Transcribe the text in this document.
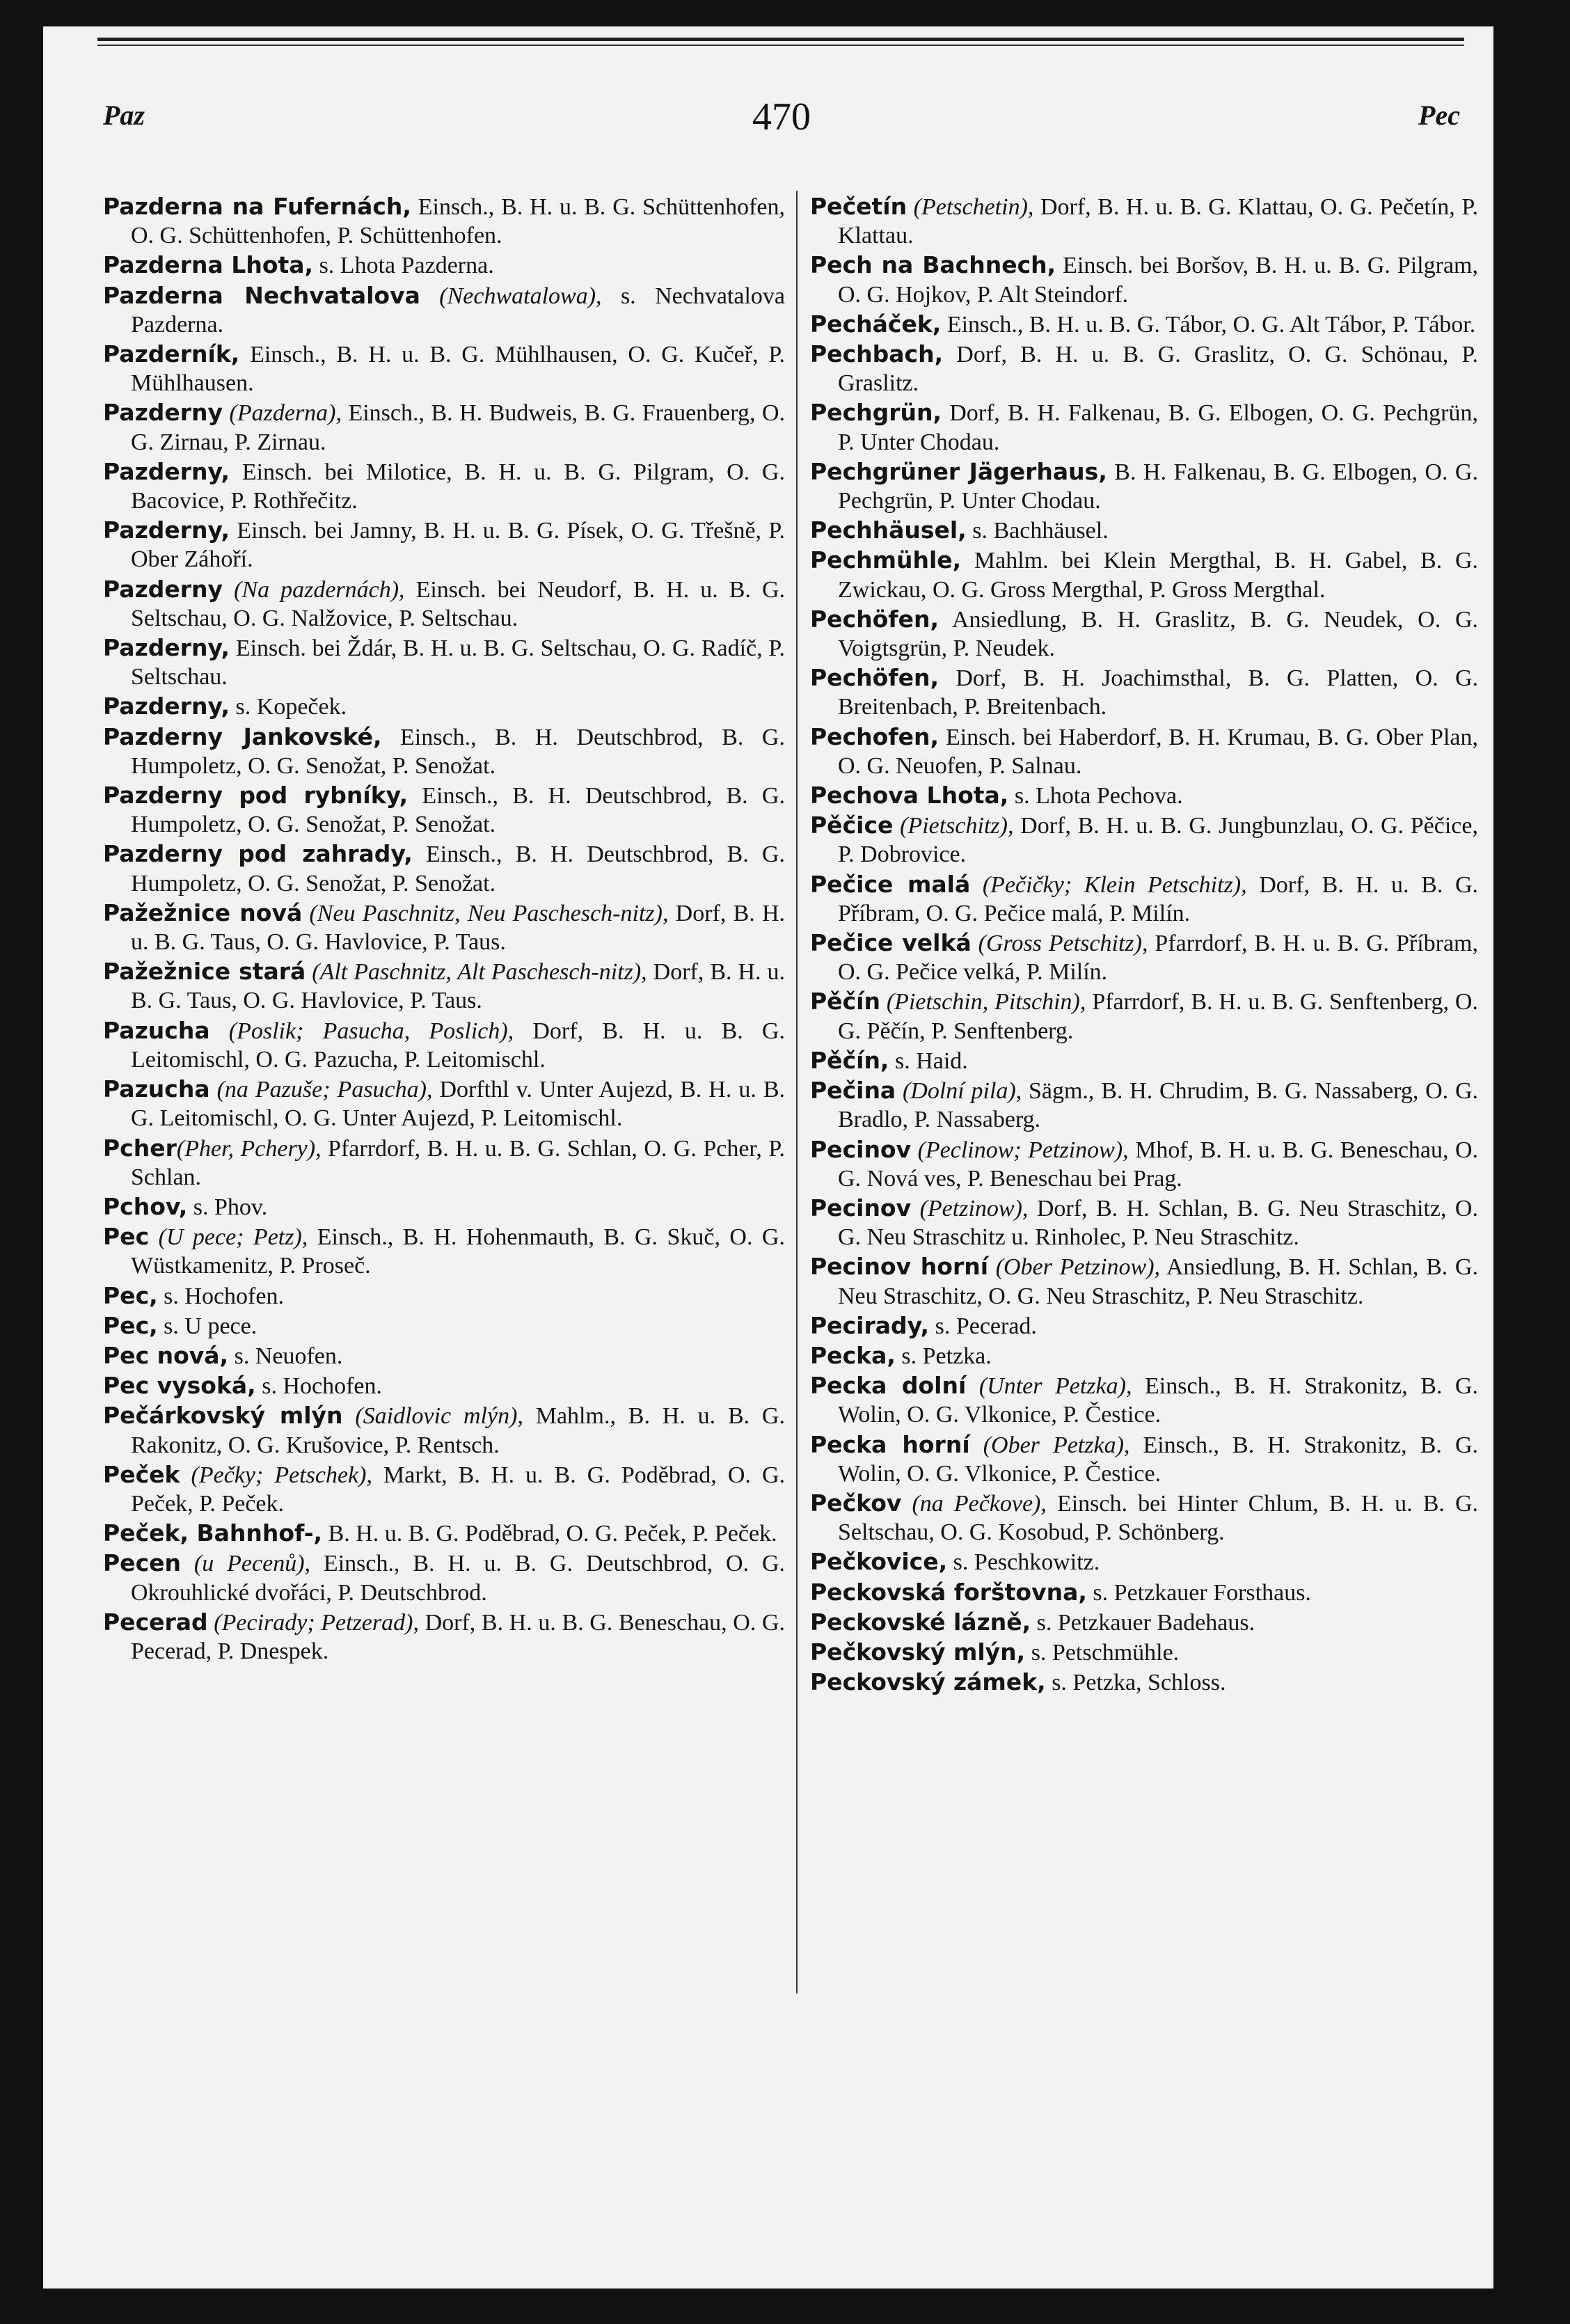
Paz	470	Pec

Pazderna na Fufernách, Einsch., B. H. u. B. G. Schüttenhofen, O. G. Schüttenhofen, P. Schüttenhofen.

Pazderna Lhota, s. Lhota Pazderna.

Pazderna Nechvatalova (Nechwatalowa), s. Nechvatalova Pazderna.

Pazderník, Einsch., B. H. u. B. G. Mühlhausen, O. G. Kučeř, P. Mühlhausen.

Pazderny (Pazderna), Einsch., B. H. Budweis, B. G. Frauenberg, O. G. Zirnau, P. Zirnau.

Pazderny, Einsch. bei Milotice, B. H. u. B. G. Pilgram, O. G. Bacovice, P. Rothřečitz.

Pazderny, Einsch. bei Jamny, B. H. u. B. G. Písek, O. G. Třešně, P. Ober Záhoří.

Pazderny (Na pazdernách), Einsch. bei Neudorf, B. H. u. B. G. Seltschau, O. G. Nalžovice, P. Seltschau.

Pazderny, Einsch. bei Ždár, B. H. u. B. G. Seltschau, O. G. Radíč, P. Seltschau.

Pazderny, s. Kopeček.

Pazderny Jankovské, Einsch., B. H. Deutschbrod, B. G. Humpoletz, O. G. Senožat, P. Senožat.

Pazderny pod rybníky, Einsch., B. H. Deutschbrod, B. G. Humpoletz, O. G. Senožat, P. Senožat.

Pazderny pod zahrady, Einsch., B. H. Deutschbrod, B. G. Humpoletz, O. G. Senožat, P. Senožat.

Pažežnice nová (Neu Paschnitz, Neu Paschesch-nitz), Dorf, B. H. u. B. G. Taus, O. G. Havlovice, P. Taus.

Pažežnice stará (Alt Paschnitz, Alt Paschesch-nitz), Dorf, B. H. u. B. G. Taus, O. G. Havlovice, P. Taus.

Pazucha (Poslik; Pasucha, Poslich), Dorf, B. H. u. B. G. Leitomischl, O. G. Pazucha, P. Leitomischl.

Pazucha (na Pazuše; Pasucha), Dorfthl v. Unter Aujezd, B. H. u. B. G. Leitomischl, O. G. Unter Aujezd, P. Leitomischl.

Pcher(Pher, Pchery), Pfarrdorf, B. H. u. B. G. Schlan, O. G. Pcher, P. Schlan.

Pchov, s. Phov.

Pec (U pece; Petz), Einsch., B. H. Hohenmauth, B. G. Skuč, O. G. Wüstkamenitz, P. Proseč.

Pec, s. Hochofen.

Pec, s. U pece.

Pec nová, s. Neuofen.

Pec vysoká, s. Hochofen.

Pečárkovský mlýn (Saidlovic mlýn), Mahlm., B. H. u. B. G. Rakonitz, O. G. Krušovice, P. Rentsch.

Peček (Pečky; Petschek), Markt, B. H. u. B. G. Poděbrad, O. G. Peček, P. Peček.

Peček, Bahnhof-, B. H. u. B. G. Poděbrad, O. G. Peček, P. Peček.

Pecen (u Pecenů), Einsch., B. H. u. B. G. Deutschbrod, O. G. Okrouhlické dvořáci, P. Deutschbrod.

Pecerad (Pecirady; Petzerad), Dorf, B. H. u. B. G. Beneschau, O. G. Pecerad, P. Dnespek.

Pečetín (Petschetin), Dorf, B. H. u. B. G. Klattau, O. G. Pečetín, P. Klattau.

Pech na Bachnech, Einsch. bei Boršov, B. H. u. B. G. Pilgram, O. G. Hojkov, P. Alt Steindorf.

Pecháček, Einsch., B. H. u. B. G. Tábor, O. G. Alt Tábor, P. Tábor.

Pechbach, Dorf, B. H. u. B. G. Graslitz, O. G. Schönau, P. Graslitz.

Pechgrün, Dorf, B. H. Falkenau, B. G. Elbogen, O. G. Pechgrün, P. Unter Chodau.

Pechgrüner Jägerhaus, B. H. Falkenau, B. G. Elbogen, O. G. Pechgrün, P. Unter Chodau.

Pechhäusel, s. Bachhäusel.

Pechmühle, Mahlm. bei Klein Mergthal, B. H. Gabel, B. G. Zwickau, O. G. Gross Mergthal, P. Gross Mergthal.

Pechöfen, Ansiedlung, B. H. Graslitz, B. G. Neudek, O. G. Voigtsgrün, P. Neudek.

Pechöfen, Dorf, B. H. Joachimsthal, B. G. Platten, O. G. Breitenbach, P. Breitenbach.

Pechofen, Einsch. bei Haberdorf, B. H. Krumau, B. G. Ober Plan, O. G. Neuofen, P. Salnau.

Pechova Lhota, s. Lhota Pechova.

Pěčice (Pietschitz), Dorf, B. H. u. B. G. Jungbunzlau, O. G. Pěčice, P. Dobrovice.

Pečice malá (Pečičky; Klein Petschitz), Dorf, B. H. u. B. G. Příbram, O. G. Pečice malá, P. Milín.

Pečice velká (Gross Petschitz), Pfarrdorf, B. H. u. B. G. Příbram, O. G. Pečice velká, P. Milín.

Pěčín (Pietschin, Pitschin), Pfarrdorf, B. H. u. B. G. Senftenberg, O. G. Pěčín, P. Senftenberg.

Pěčín, s. Haid.

Pečina (Dolní pila), Sägm., B. H. Chrudim, B. G. Nassaberg, O. G. Bradlo, P. Nassaberg.

Pecinov (Peclinow; Petzinow), Mhof, B. H. u. B. G. Beneschau, O. G. Nová ves, P. Beneschau bei Prag.

Pecinov (Petzinow), Dorf, B. H. Schlan, B. G. Neu Straschitz, O. G. Neu Straschitz u. Rinholec, P. Neu Straschitz.

Pecinov horní (Ober Petzinow), Ansiedlung, B. H. Schlan, B. G. Neu Straschitz, O. G. Neu Straschitz, P. Neu Straschitz.

Pecirady, s. Pecerad.

Pecka, s. Petzka.

Pecka dolní (Unter Petzka), Einsch., B. H. Strakonitz, B. G. Wolin, O. G. Vlkonice, P. Čestice.

Pecka horní (Ober Petzka), Einsch., B. H. Strakonitz, B. G. Wolin, O. G. Vlkonice, P. Čestice.

Pečkov (na Pečkove), Einsch. bei Hinter Chlum, B. H. u. B. G. Seltschau, O. G. Kosobud, P. Schönberg.

Pečkovice, s. Peschkowitz.

Peckovská forštovna, s. Petzkauer Forsthaus.

Peckovské lázně, s. Petzkauer Badehaus.

Pečkovský mlýn, s. Petschmühle.

Peckovský zámek, s. Petzka, Schloss.
